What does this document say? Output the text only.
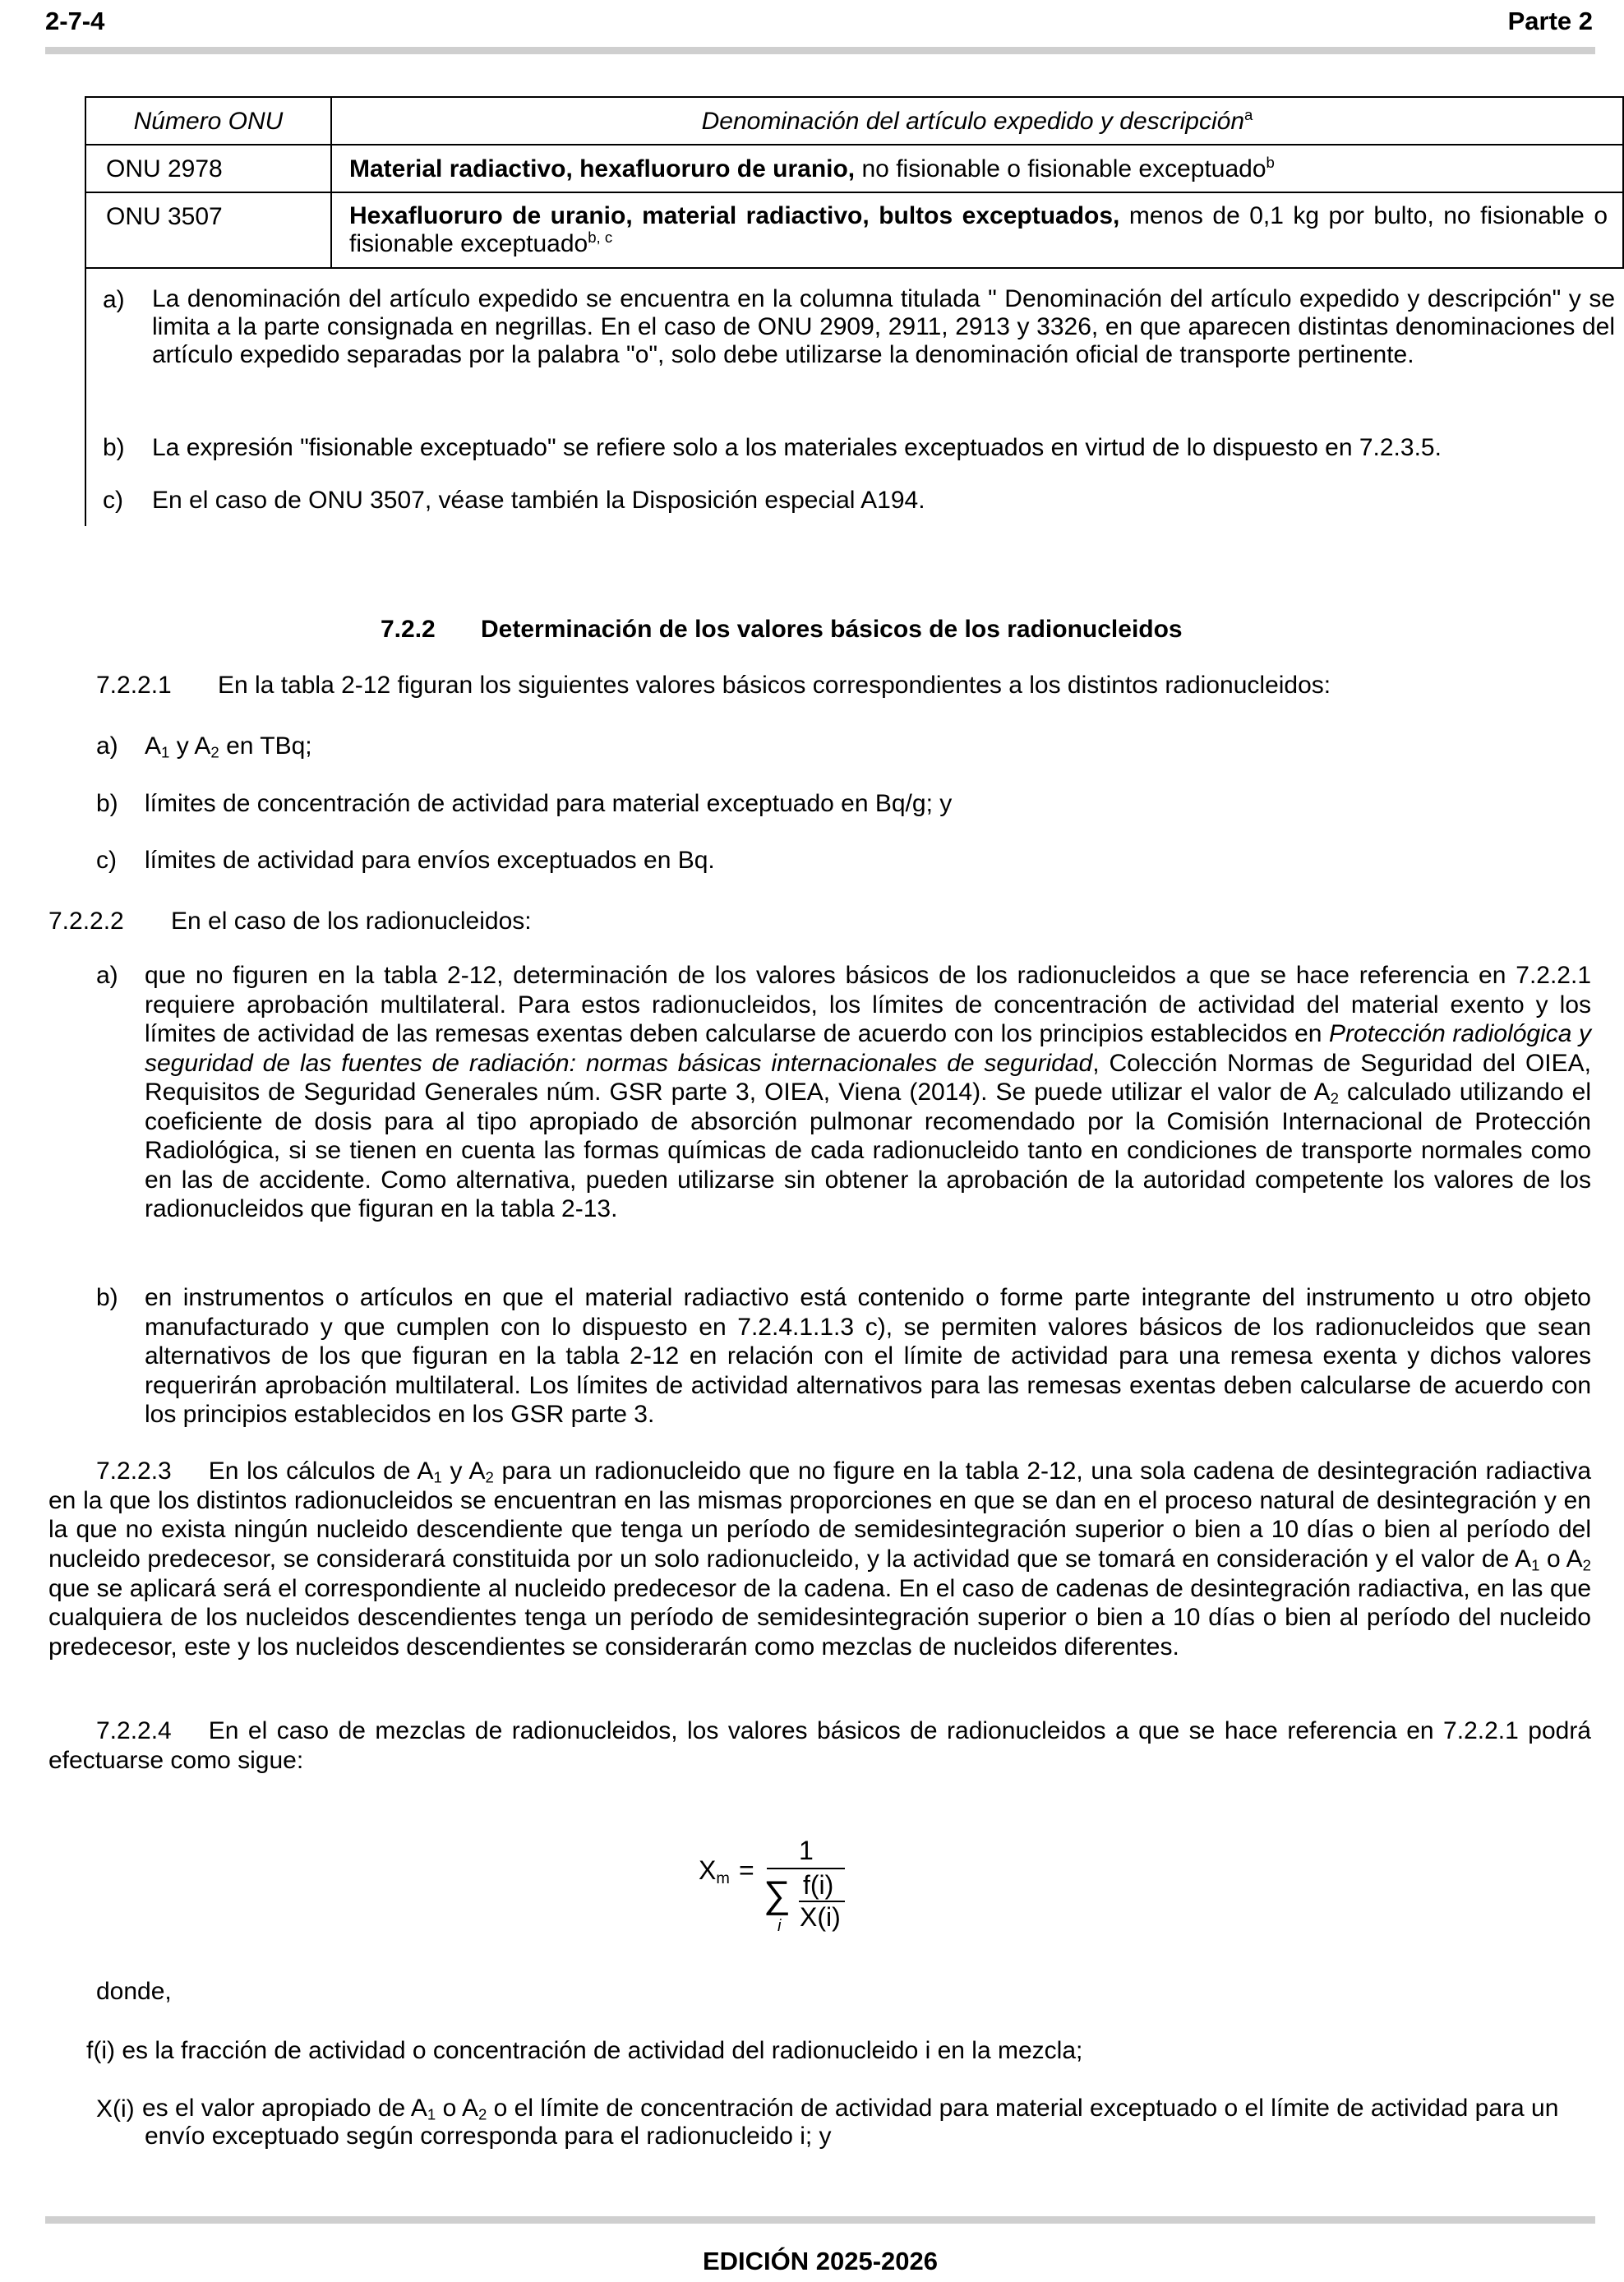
2-7-4	Parte 2
Número ONU	Denominación del artículo expedido y descripción$^a$
ONU 2978	Material radiactivo, hexafluoruro de uranio, no fisionable o fisionable exceptuado$^b$
ONU 3507	Hexafluoruro de uranio, material radiactivo, bultos exceptuados, menos de 0,1 kg por bulto, no fisionable o fisionable exceptuado$^{b, c}$
a) La denominación del artículo expedido se encuentra en la columna titulada " Denominación del artículo expedido y descripción" y se limita a la parte consignada en negrillas. En el caso de ONU 2909, 2911, 2913 y 3326, en que aparecen distintas denominaciones del artículo expedido separadas por la palabra "o", solo debe utilizarse la denominación oficial de transporte pertinente.
b) La expresión "fisionable exceptuado" se refiere solo a los materiales exceptuados en virtud de lo dispuesto en 7.2.3.5.
c) En el caso de ONU 3507, véase también la Disposición especial A194.
7.2.2 Determinación de los valores básicos de los radionucleidos
7.2.2.1 En la tabla 2-12 figuran los siguientes valores básicos correspondientes a los distintos radionucleidos:
a) $A_1$ y $A_2$ en TBq;
b) límites de concentración de actividad para material exceptuado en Bq/g; y
c) límites de actividad para envíos exceptuados en Bq.
7.2.2.2 En el caso de los radionucleidos:
a) que no figuren en la tabla 2-12, determinación de los valores básicos de los radionucleidos a que se hace referencia en 7.2.2.1 requiere aprobación multilateral. Para estos radionucleidos, los límites de concentración de actividad del material exento y los límites de actividad de las remesas exentas deben calcularse de acuerdo con los principios establecidos en Protección radiológica y seguridad de las fuentes de radiación: normas básicas internacionales de seguridad, Colección Normas de Seguridad del OIEA, Requisitos de Seguridad Generales núm. GSR parte 3, OIEA, Viena (2014). Se puede utilizar el valor de $A_2$ calculado utilizando el coeficiente de dosis para al tipo apropiado de absorción pulmonar recomendado por la Comisión Internacional de Protección Radiológica, si se tienen en cuenta las formas químicas de cada radionucleido tanto en condiciones de transporte normales como en las de accidente. Como alternativa, pueden utilizarse sin obtener la aprobación de la autoridad competente los valores de los radionucleidos que figuran en la tabla 2-13.
b) en instrumentos o artículos en que el material radiactivo está contenido o forme parte integrante del instrumento u otro objeto manufacturado y que cumplen con lo dispuesto en 7.2.4.1.1.3 c), se permiten valores básicos de los radionucleidos que sean alternativos de los que figuran en la tabla 2-12 en relación con el límite de actividad para una remesa exenta y dichos valores requerirán aprobación multilateral. Los límites de actividad alternativos para las remesas exentas deben calcularse de acuerdo con los principios establecidos en los GSR parte 3.
7.2.2.3 En los cálculos de $A_1$ y $A_2$ para un radionucleido que no figure en la tabla 2-12, una sola cadena de desintegración radiactiva en la que los distintos radionucleidos se encuentran en las mismas proporciones en que se dan en el proceso natural de desintegración y en la que no exista ningún nucleido descendiente que tenga un período de semidesintegración superior o bien a 10 días o bien al período del nucleido predecesor, se considerará constituida por un solo radionucleido, y la actividad que se tomará en consideración y el valor de $A_1$ o $A_2$ que se aplicará será el correspondiente al nucleido predecesor de la cadena. En el caso de cadenas de desintegración radiactiva, en las que cualquiera de los nucleidos descendientes tenga un período de semidesintegración superior o bien a 10 días o bien al período del nucleido predecesor, este y los nucleidos descendientes se considerarán como mezclas de nucleidos diferentes.
7.2.2.4 En el caso de mezclas de radionucleidos, los valores básicos de radionucleidos a que se hace referencia en 7.2.2.1 podrá efectuarse como sigue:
$X_m$ =
1
∑
i
f(i)
X(i)
donde,
f(i) es la fracción de actividad o concentración de actividad del radionucleido i en la mezcla;
X(i) es el valor apropiado de $A_1$ o $A_2$ o el límite de concentración de actividad para material exceptuado o el límite de actividad para un envío exceptuado según corresponda para el radionucleido i; y
EDICIÓN 2025-2026
